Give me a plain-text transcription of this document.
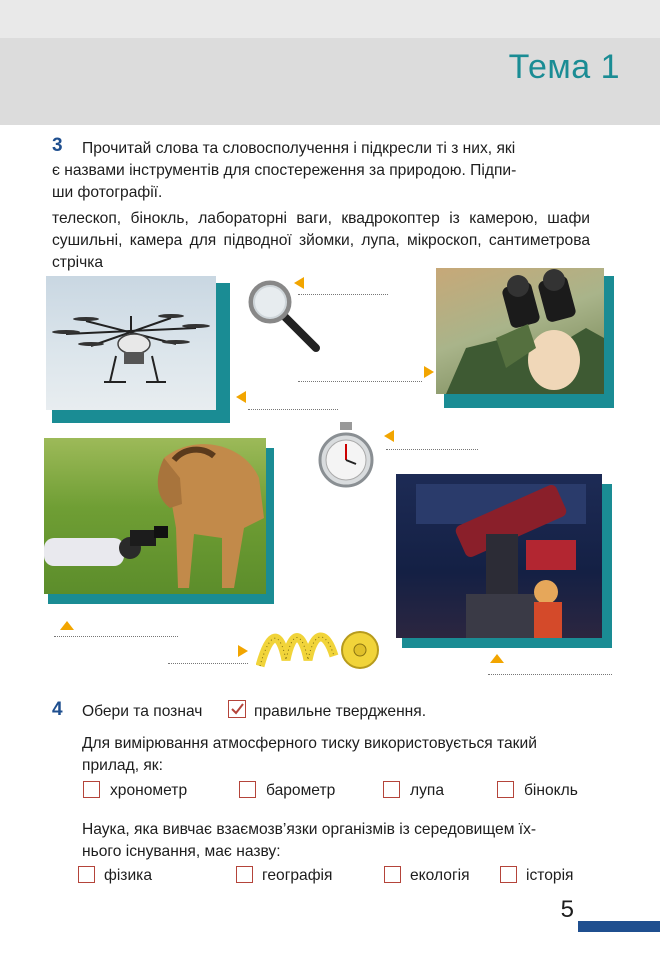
Тема 1
3 Прочитай слова та словосполучення і підкресли ті з них, які
є назвами інструментів для спостереження за природою. Підпи-
ши фотографії.
телескоп, бінокль, лабораторні ваги, квадрокоптер із камерою, шафи сушильні, камера для підводної зйомки, лупа, мікроскоп, сантиметрова стрічка
4 Обери та познач	правильне твердження.
Для вимірювання атмосферного тиску використовується такий
прилад, як:
хронометр	барометр	лупа	бінокль
Наука, яка вивчає взаємозв’язки організмів із середовищем їх-
нього існування, має назву:
фізика	географія	екологія	історія
5
